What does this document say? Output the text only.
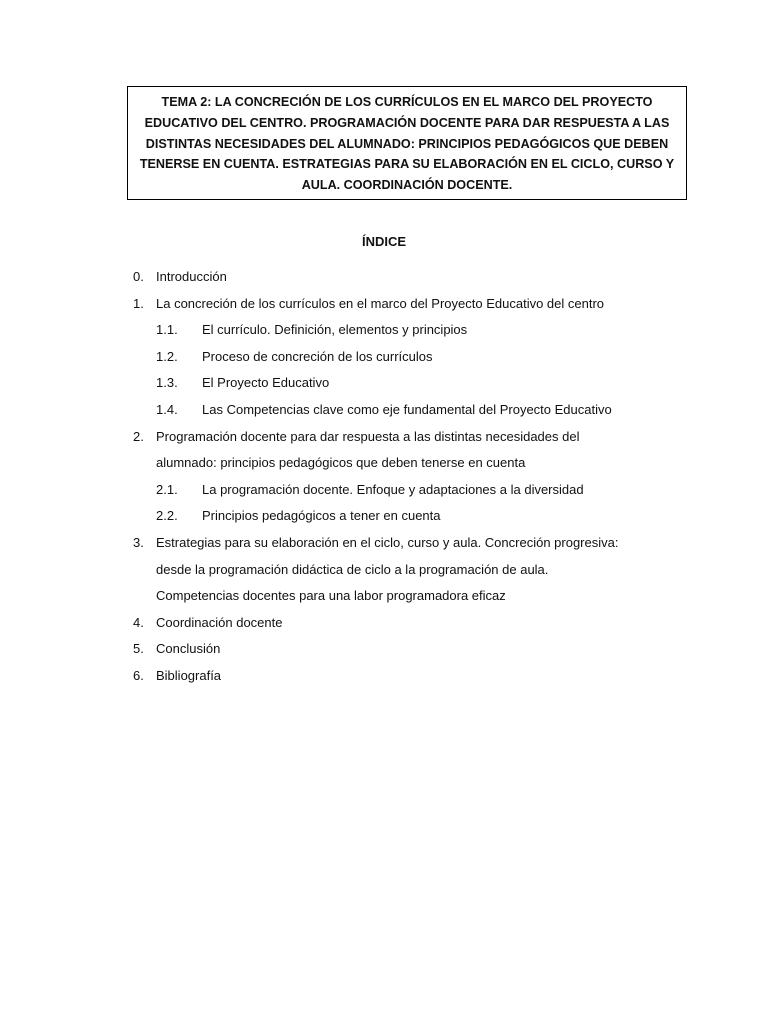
TEMA 2: LA CONCRECIÓN DE LOS CURRÍCULOS EN EL MARCO DEL PROYECTO
EDUCATIVO DEL CENTRO. PROGRAMACIÓN DOCENTE PARA DAR RESPUESTA A LAS
DISTINTAS NECESIDADES DEL ALUMNADO: PRINCIPIOS PEDAGÓGICOS QUE DEBEN
TENERSE EN CUENTA. ESTRATEGIAS PARA SU ELABORACIÓN EN EL CICLO, CURSO Y
AULA. COORDINACIÓN DOCENTE.
ÍNDICE
0. Introducción
1. La concreción de los currículos en el marco del Proyecto Educativo del centro
1.1. El currículo. Definición, elementos y principios
1.2. Proceso de concreción de los currículos
1.3. El Proyecto Educativo
1.4. Las Competencias clave como eje fundamental del Proyecto Educativo
2. Programación docente para dar respuesta a las distintas necesidades del
alumnado: principios pedagógicos que deben tenerse en cuenta
2.1. La programación docente. Enfoque y adaptaciones a la diversidad
2.2. Principios pedagógicos a tener en cuenta
3. Estrategias para su elaboración en el ciclo, curso y aula. Concreción progresiva:
desde la programación didáctica de ciclo a la programación de aula.
Competencias docentes para una labor programadora eficaz
4. Coordinación docente
5. Conclusión
6. Bibliografía
